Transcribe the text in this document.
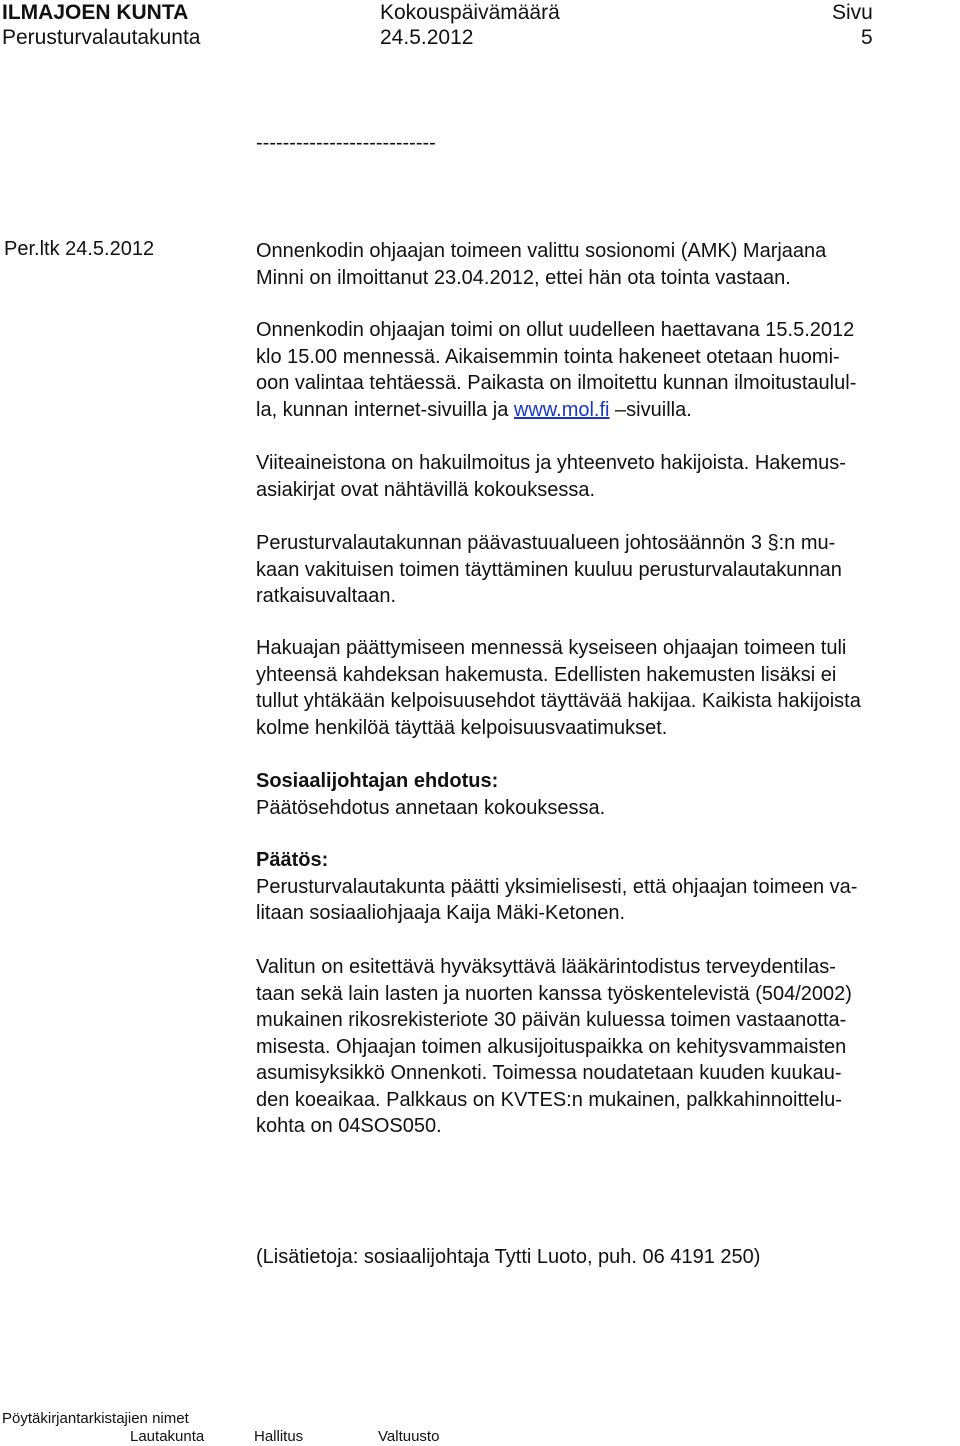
ILMAJOEN KUNTA
Perusturvalautakunta
Kokouspäivämäärä
24.5.2012
Sivu
5
---------------------------
Per.ltk 24.5.2012	Onnenkodin ohjaajan toimeen valittu sosionomi (AMK) Marjaana

Minni on ilmoittanut 23.04.2012, ettei hän ota tointa vastaan.

Onnenkodin ohjaajan toimi on ollut uudelleen haettavana 15.5.2012

klo 15.00 mennessä. Aikaisemmin tointa hakeneet otetaan huomi-

oon valintaa tehtäessä. Paikasta on ilmoitettu kunnan ilmoitustaulul-

la, kunnan internet-sivuilla ja www.mol.fi –sivuilla.

Viiteaineistona on hakuilmoitus ja yhteenveto hakijoista. Hakemus-

asiakirjat ovat nähtävillä kokouksessa.

Perusturvalautakunnan päävastuualueen johtosäännön 3 §:n mu-

kaan vakituisen toimen täyttäminen kuuluu perusturvalautakunnan

ratkaisuvaltaan.

Hakuajan päättymiseen mennessä kyseiseen ohjaajan toimeen tuli

yhteensä kahdeksan hakemusta. Edellisten hakemusten lisäksi ei

tullut yhtäkään kelpoisuusehdot täyttävää hakijaa. Kaikista hakijoista

kolme henkilöä täyttää kelpoisuusvaatimukset.

Sosiaalijohtajan ehdotus:

Päätösehdotus annetaan kokouksessa.

Päätös:

Perusturvalautakunta päätti yksimielisesti, että ohjaajan toimeen va-

litaan sosiaaliohjaaja Kaija Mäki-Ketonen.

Valitun on esitettävä hyväksyttävä lääkärintodistus terveydentilas-

taan sekä lain lasten ja nuorten kanssa työskentelevistä (504/2002)

mukainen rikosrekisteriote 30 päivän kuluessa toimen vastaanotta-

misesta. Ohjaajan toimen alkusijoituspaikka on kehitysvammaisten

asumisyksikkö Onnenkoti. Toimessa noudatetaan kuuden kuukau-

den koeaikaa. Palkkaus on KVTES:n mukainen, palkkahinnoittelu-

kohta on 04SOS050.

(Lisätietoja: sosiaalijohtaja Tytti Luoto, puh. 06 4191 250)

Pöytäkirjantarkistajien nimet
Lautakunta	Hallitus	Valtuusto
